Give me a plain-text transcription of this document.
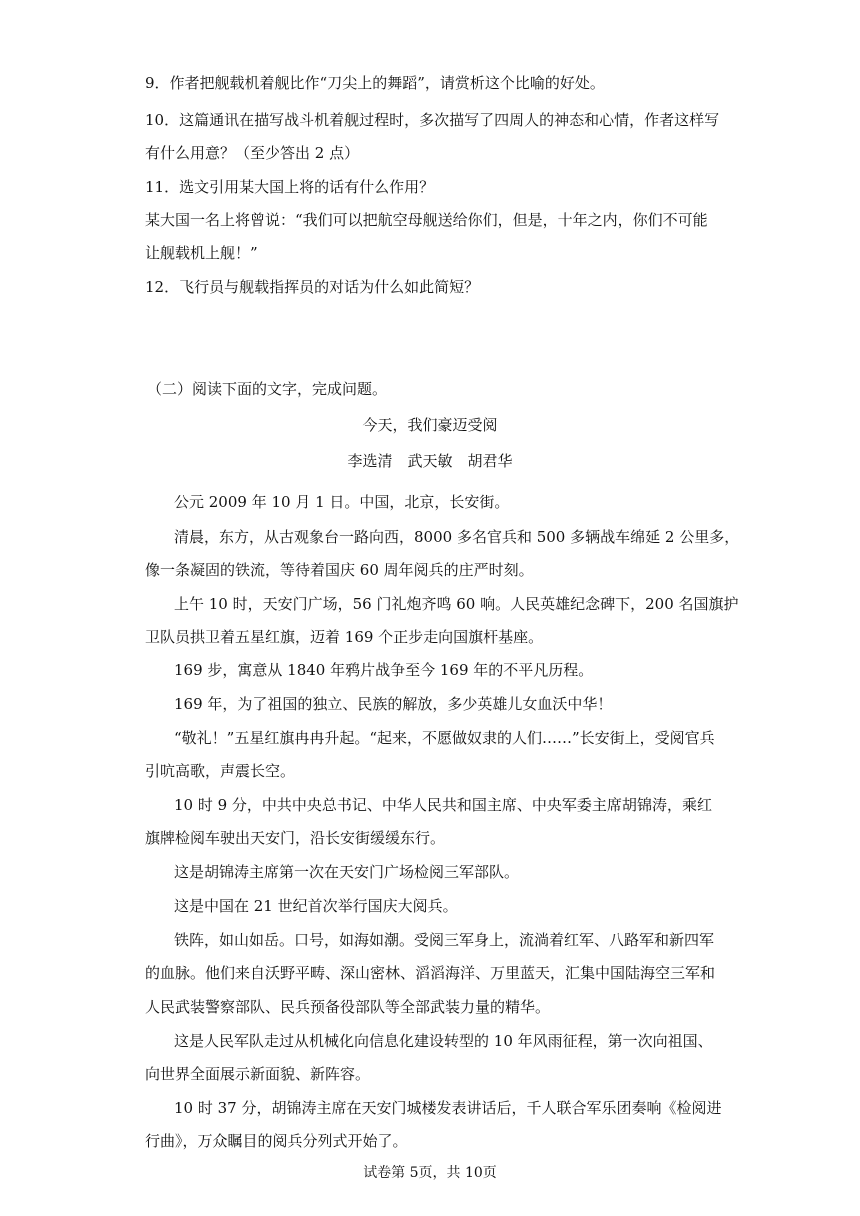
9．作者把舰载机着舰比作“刀尖上的舞蹈”，请赏析这个比喻的好处。
10．这篇通讯在描写战斗机着舰过程时，多次描写了四周人的神态和心情，作者这样写
有什么用意？（至少答出 2 点）
11．选文引用某大国上将的话有什么作用？
某大国一名上将曾说：“我们可以把航空母舰送给你们，但是，十年之内，你们不可能
让舰载机上舰！”
12．飞行员与舰载指挥员的对话为什么如此简短？
（二）阅读下面的文字，完成问题。
今天，我们豪迈受阅
李选清　武天敏　胡君华
公元 2009 年 10 月 1 日。中国，北京，长安街。
清晨，东方，从古观象台一路向西，8000 多名官兵和 500 多辆战车绵延 2 公里多，
像一条凝固的铁流，等待着国庆 60 周年阅兵的庄严时刻。
上午 10 时，天安门广场，56 门礼炮齐鸣 60 响。人民英雄纪念碑下，200 名国旗护
卫队员拱卫着五星红旗，迈着 169 个正步走向国旗杆基座。
169 步，寓意从 1840 年鸦片战争至今 169 年的不平凡历程。
169 年，为了祖国的独立、民族的解放，多少英雄儿女血沃中华！
“敬礼！”五星红旗冉冉升起。“起来，不愿做奴隶的人们……”长安街上，受阅官兵
引吭高歌，声震长空。
10 时 9 分，中共中央总书记、中华人民共和国主席、中央军委主席胡锦涛，乘红
旗牌检阅车驶出天安门，沿长安街缓缓东行。
这是胡锦涛主席第一次在天安门广场检阅三军部队。
这是中国在 21 世纪首次举行国庆大阅兵。
铁阵，如山如岳。口号，如海如潮。受阅三军身上，流淌着红军、八路军和新四军
的血脉。他们来自沃野平畴、深山密林、滔滔海洋、万里蓝天，汇集中国陆海空三军和
人民武装警察部队、民兵预备役部队等全部武装力量的精华。
这是人民军队走过从机械化向信息化建设转型的 10 年风雨征程，第一次向祖国、
向世界全面展示新面貌、新阵容。
10 时 37 分，胡锦涛主席在天安门城楼发表讲话后，千人联合军乐团奏响《检阅进
行曲》，万众瞩目的阅兵分列式开始了。
试卷第 5页，共 10页
